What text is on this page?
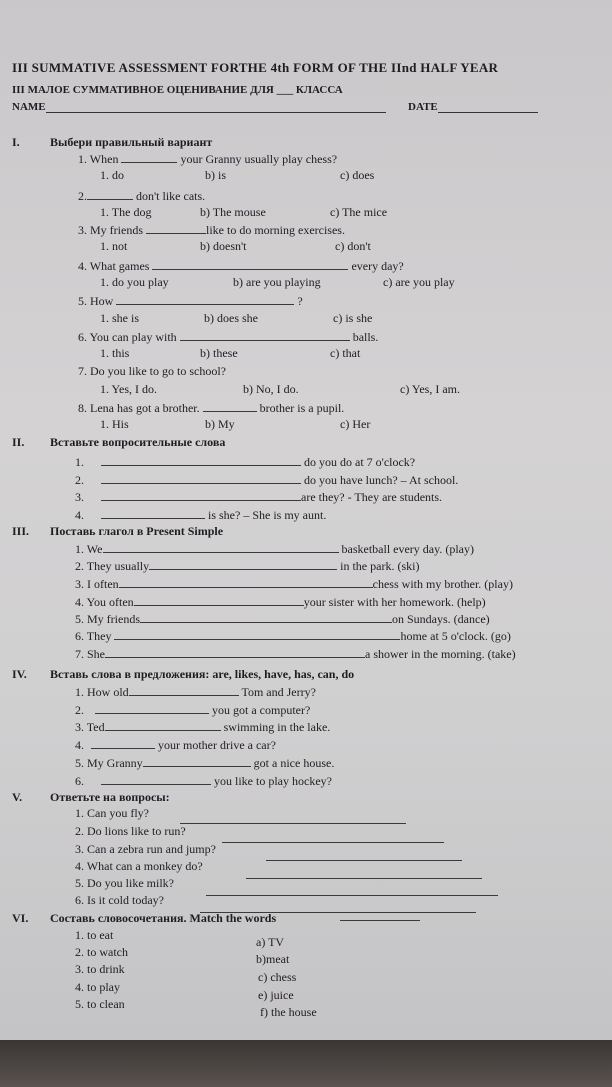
III SUMMATIVE ASSESSMENT FORTHE 4th FORM OF THE IInd HALF YEAR
III МАЛОЕ СУММАТИВНОЕ ОЦЕНИВАНИЕ ДЛЯ ___ КЛАССА
NAME	DATE
I.	Выбери правильный вариант
1. When	your Granny usually play chess?
1. do	b) is	c) does
2.	don't like cats.
1. The dog	b) The mouse	c) The mice
3. My friends	like to do morning exercises.
1. not	b) doesn't	c) don't
4. What games	every day?
1. do you play	b) are you playing	c) are you play
5. How	?
1. she is	b) does she	c) is she
6. You can play with	balls.
1. this	b) these	c) that
7. Do you like to go to school?
1. Yes, I do.	b) No, I do.	c) Yes, I am.
8. Lena has got a brother.	brother is a pupil.
1. His	b) My	c) Her
II. Вставьте вопросительные слова
1.	do you do at 7 o'clock?
2.	do you have lunch? – At school.
3.	are they? - They are students.
4.	is she? – She is my aunt.
III. Поставь глагол в Present Simple
1. We	basketball every day. (play)
2. They usually	in the park. (ski)
3. I often	chess with my brother. (play)
4. You often	your sister with her homework. (help)
5. My friends	on Sundays. (dance)
6. They	home at 5 o'clock. (go)
7. She	a shower in the morning. (take)
IV. Вставь слова в предложения: are, likes, have, has, can, do
1. How old	Tom and Jerry?
2.	you got a computer?
3. Ted	swimming in the lake.
4.	your mother drive a car?
5. My Granny	got a nice house.
6.	you like to play hockey?
V. Ответьте на вопросы:
1. Can you fly?
2. Do lions like to run?
3. Can a zebra run and jump?
4. What can a monkey do?
5. Do you like milk?
6. Is it cold today?
VI. Составь словосочетания. Match the words
1. to eat
2. to watch
3. to drink
4. to play
5. to clean
a) TV
b)meat
c) chess
e) juice
f) the house
